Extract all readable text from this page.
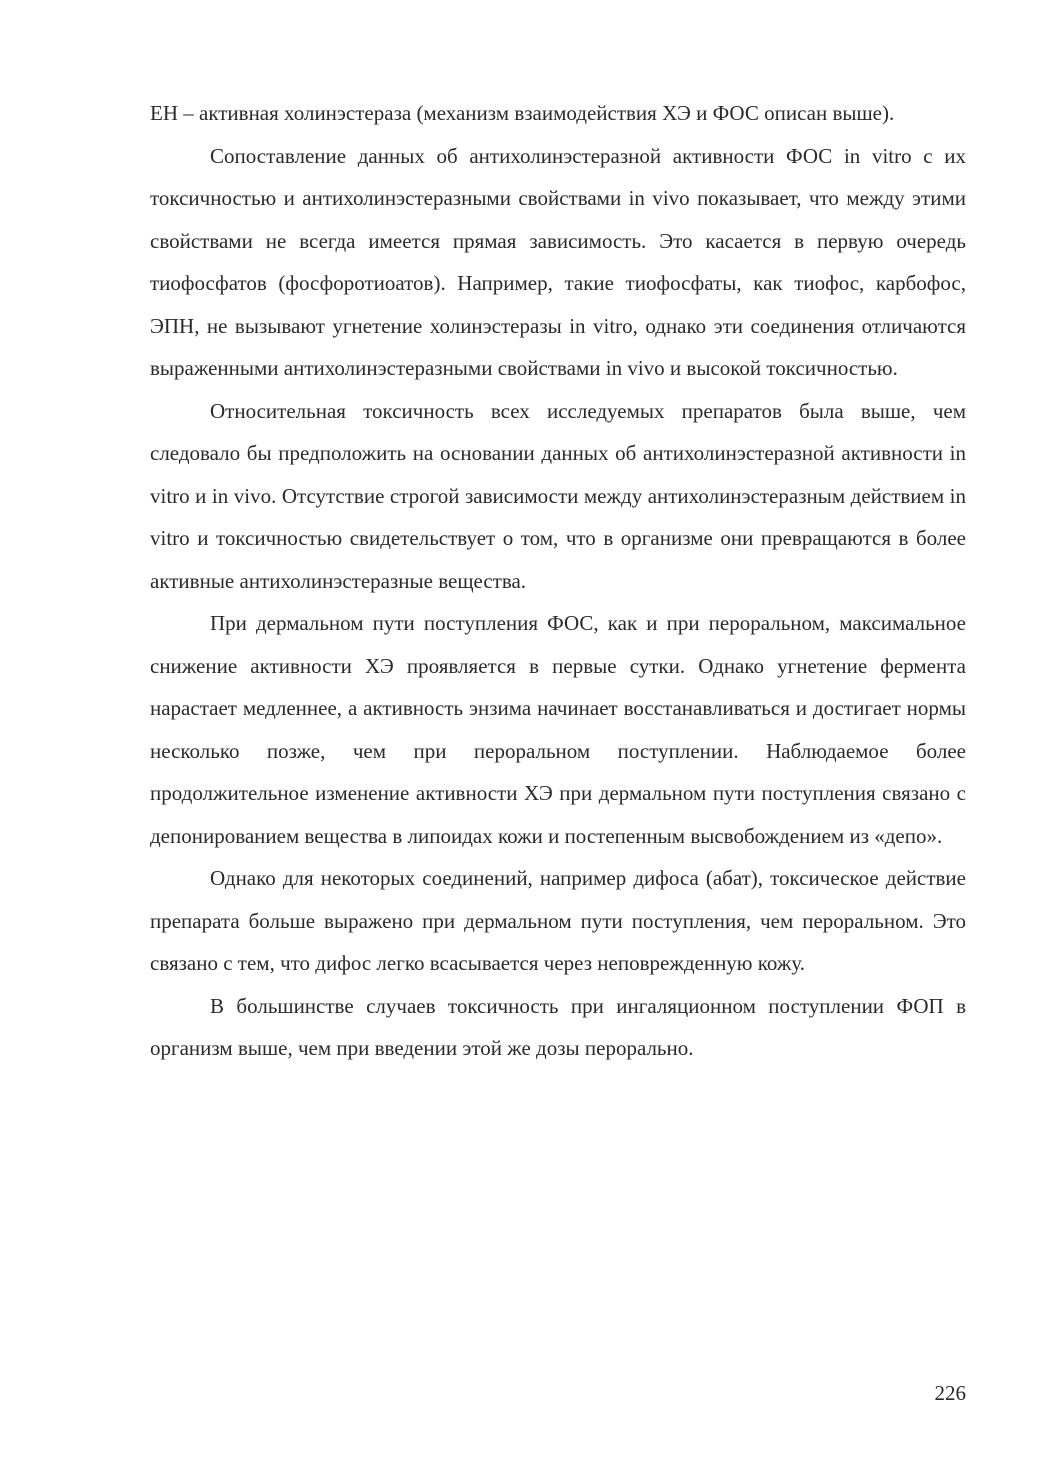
ЕН – активная холинэстераза (механизм взаимодействия ХЭ и ФОС описан выше).

Сопоставление данных об антихолинэстеразной активности ФОС in vitro с их токсичностью и антихолинэстеразными свойствами in vivo показывает, что между этими свойствами не всегда имеется прямая зависимость. Это касается в первую очередь тиофосфатов (фосфоротиоатов). Например, такие тиофосфаты, как тиофос, карбофос, ЭПН, не вызывают угнетение холинэстеразы in vitro, однако эти соединения отличаются выраженными антихолинэстеразными свойствами in vivo и высокой токсичностью.

Относительная токсичность всех исследуемых препаратов была выше, чем следовало бы предположить на основании данных об антихолинэстеразной активности in vitro и in vivo. Отсутствие строгой зависимости между антихолинэстеразным действием in vitro и токсичностью свидетельствует о том, что в организме они превращаются в более активные антихолинэстеразные вещества.

При дермальном пути поступления ФОС, как и при пероральном, максимальное снижение активности ХЭ проявляется в первые сутки. Однако угнетение фермента нарастает медленнее, а активность энзима начинает восстанавливаться и достигает нормы несколько позже, чем при пероральном поступлении. Наблюдаемое более продолжительное изменение активности ХЭ при дермальном пути поступления связано с депонированием вещества в липоидах кожи и постепенным высвобождением из «депо».

Однако для некоторых соединений, например дифоса (абат), токсическое действие препарата больше выражено при дермальном пути поступления, чем пероральном. Это связано с тем, что дифос легко всасывается через неповрежденную кожу.

В большинстве случаев токсичность при ингаляционном поступлении ФОП в организм выше, чем при введении этой же дозы перорально.

226
